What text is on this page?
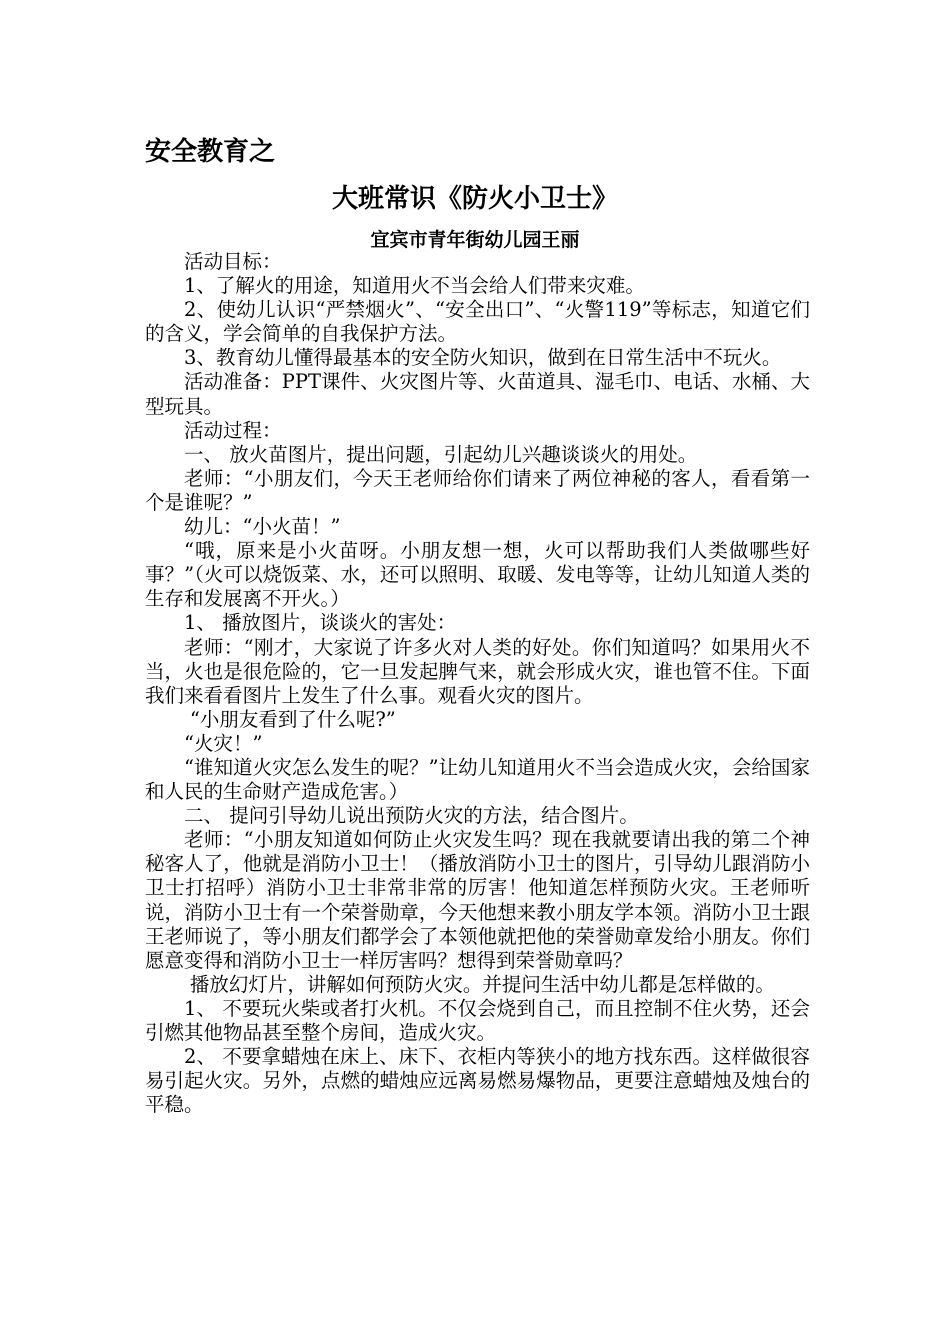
安全教育之
大班常识《防火小卫士》
宜宾市青年街幼儿园王丽

活动目标：

1、了解火的用途，知道用火不当会给人们带来灾难。

2、使幼儿认识“严禁烟火”、“安全出口”、“火警119”等标志，知道它们的含义，学会简单的自我保护方法。

3、教育幼儿懂得最基本的安全防火知识，做到在日常生活中不玩火。

活动准备：PPT课件、火灾图片等、火苗道具、湿毛巾、电话、水桶、大型玩具。

活动过程：

一、 放火苗图片，提出问题，引起幼儿兴趣谈谈火的用处。

老师：“小朋友们，今天王老师给你们请来了两位神秘的客人，看看第一个是谁呢？”

幼儿：“小火苗！”

“哦，原来是小火苗呀。小朋友想一想，火可以帮助我们人类做哪些好事？”（火可以烧饭菜、水，还可以照明、取暖、发电等等，让幼儿知道人类的生存和发展离不开火。）

1、 播放图片，谈谈火的害处：

老师：“刚才，大家说了许多火对人类的好处。你们知道吗？如果用火不当，火也是很危险的，它一旦发起脾气来，就会形成火灾，谁也管不住。下面我们来看看图片上发生了什么事。观看火灾的图片。

“小朋友看到了什么呢?”

“火灾！”

“谁知道火灾怎么发生的呢？”让幼儿知道用火不当会造成火灾，会给国家和人民的生命财产造成危害。）

二、 提问引导幼儿说出预防火灾的方法，结合图片。

老师：“小朋友知道如何防止火灾发生吗？现在我就要请出我的第二个神秘客人了，他就是消防小卫士！（播放消防小卫士的图片，引导幼儿跟消防小卫士打招呼）消防小卫士非常非常的厉害！他知道怎样预防火灾。王老师听说，消防小卫士有一个荣誉勋章，今天他想来教小朋友学本领。消防小卫士跟王老师说了，等小朋友们都学会了本领他就把他的荣誉勋章发给小朋友。你们愿意变得和消防小卫士一样厉害吗？想得到荣誉勋章吗？

播放幻灯片，讲解如何预防火灾。并提问生活中幼儿都是怎样做的。

1、 不要玩火柴或者打火机。不仅会烧到自己，而且控制不住火势，还会引燃其他物品甚至整个房间，造成火灾。

2、 不要拿蜡烛在床上、床下、衣柜内等狭小的地方找东西。这样做很容易引起火灾。另外，点燃的蜡烛应远离易燃易爆物品，更要注意蜡烛及烛台的平稳。
